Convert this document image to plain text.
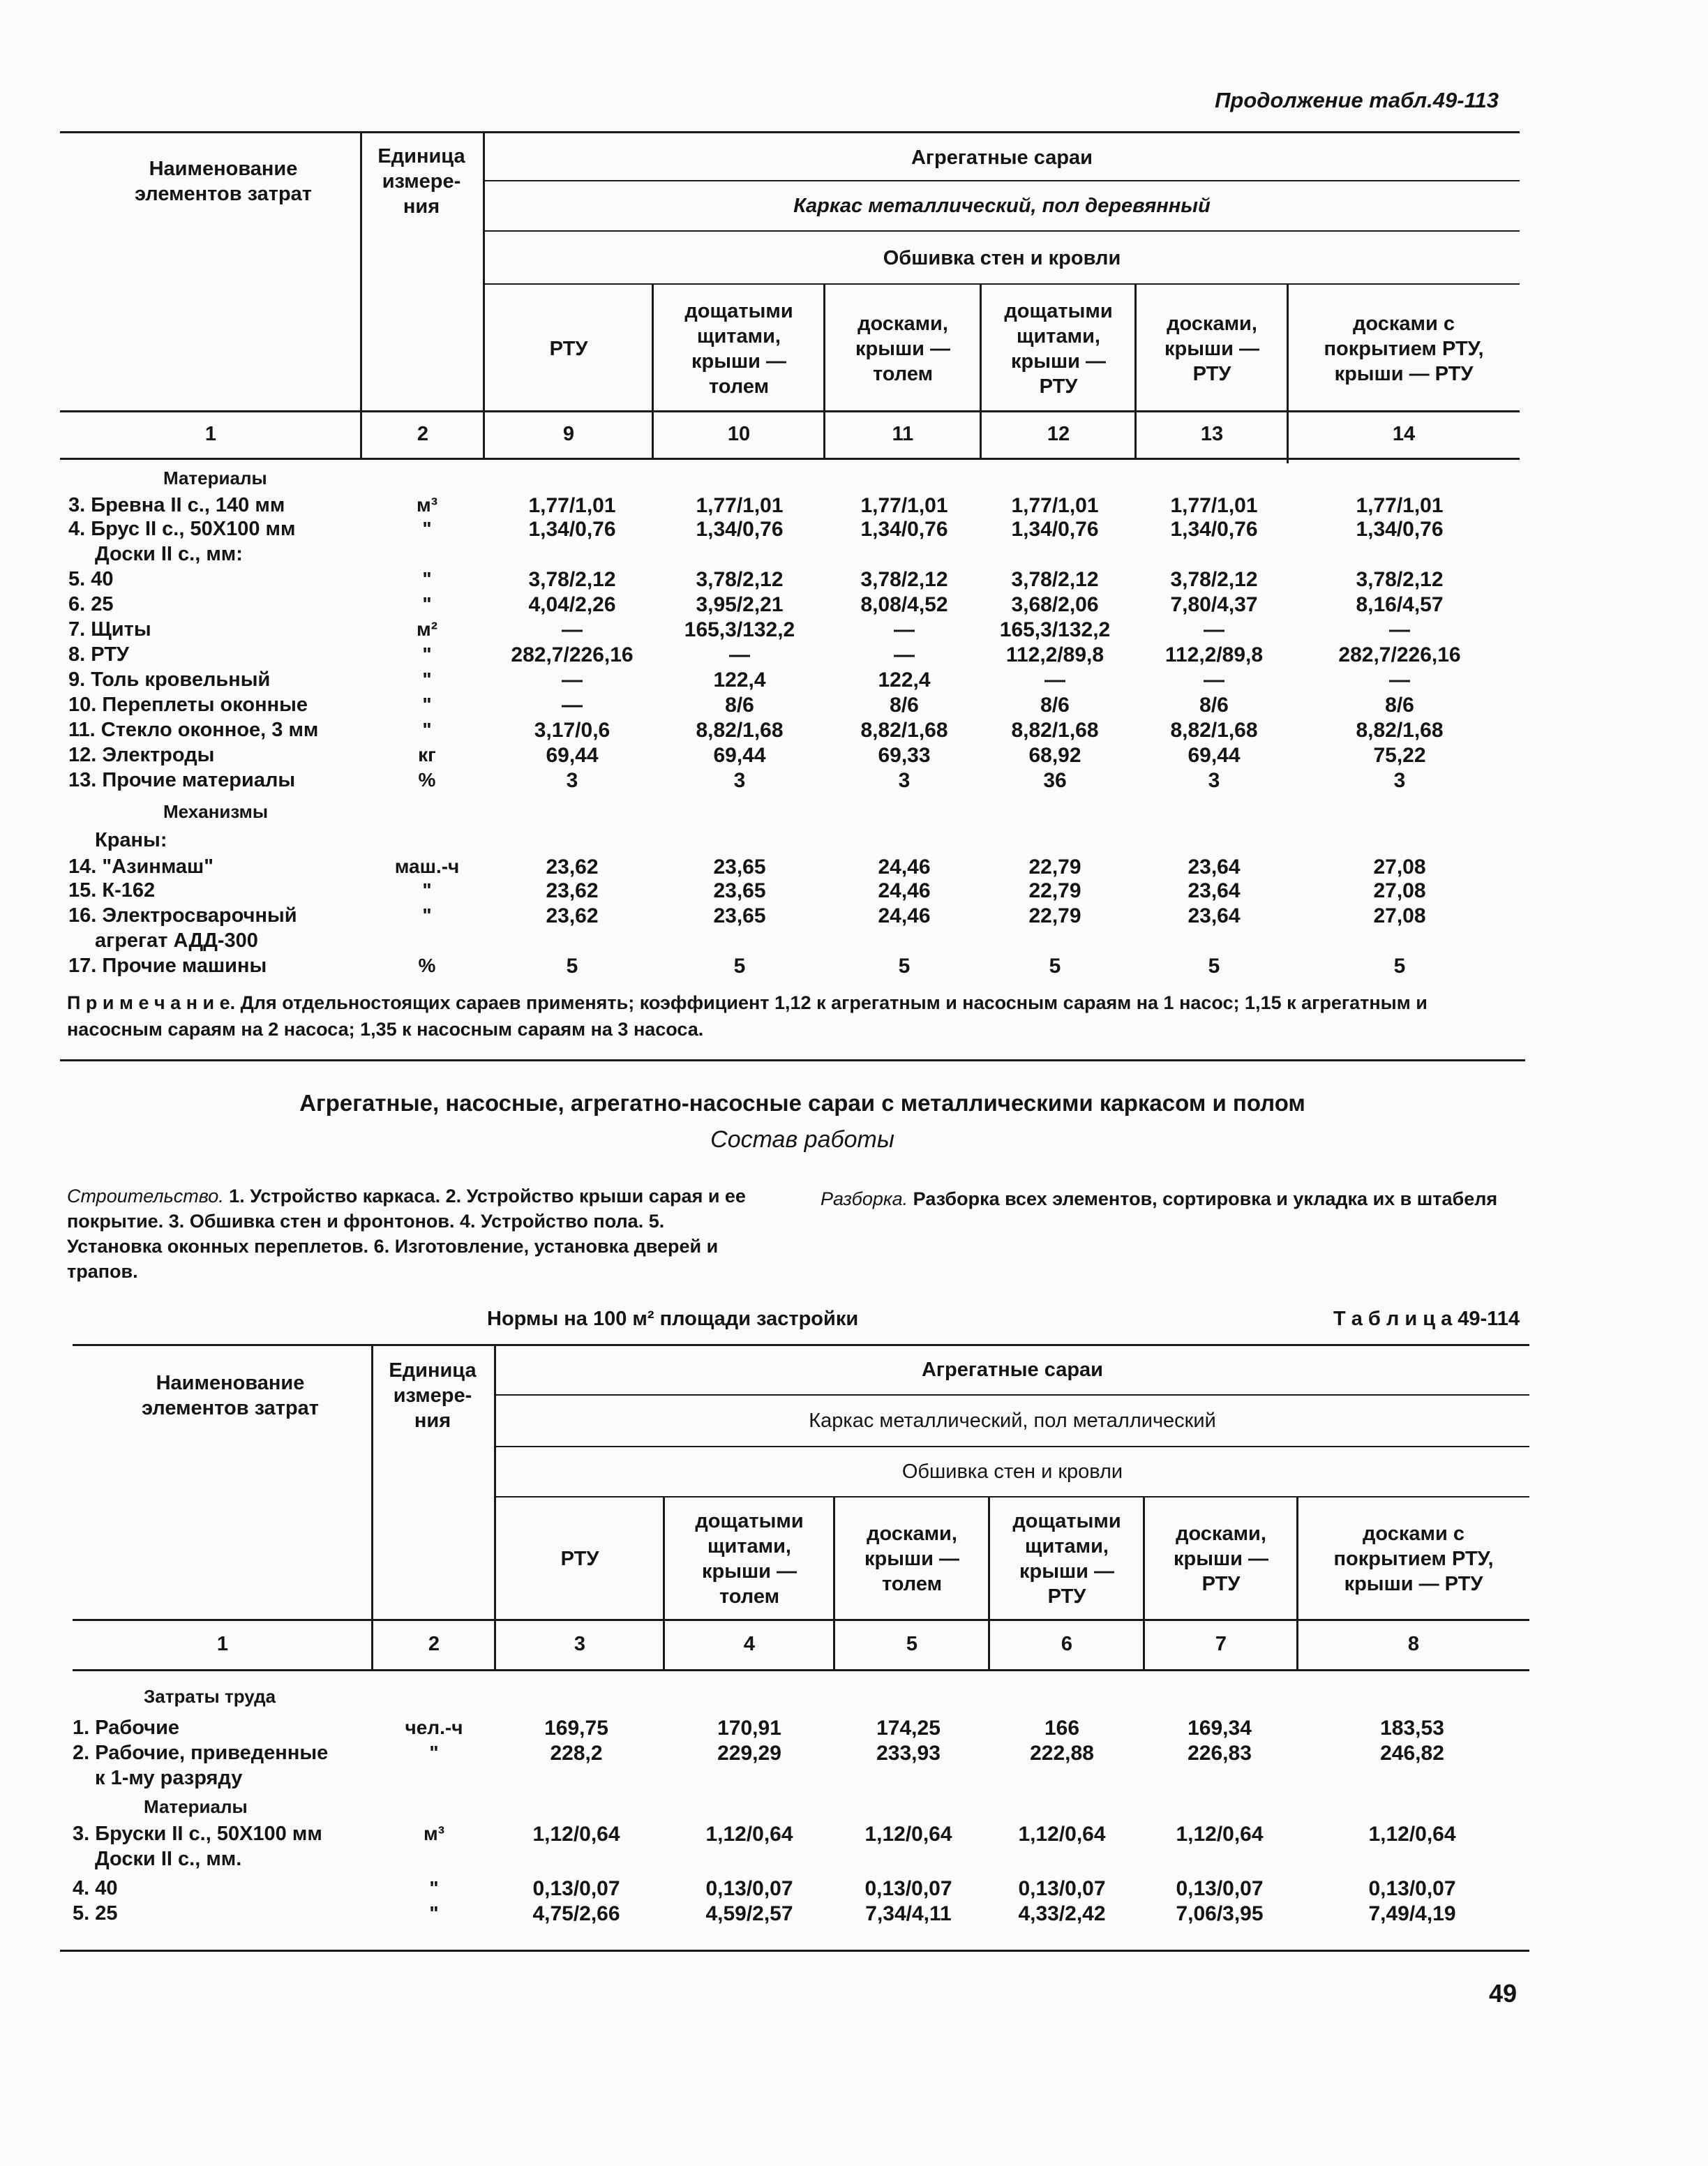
Продолжение табл.49-113
Наименование элементов затрат
Единица измере-ния
Агрегатные сараи
Каркас металлический, пол деревянный
Обшивка стен и кровли
РТУ
дощатыми щитами, крыши — толем
досками, крыши — толем
дощатыми щитами, крыши — РТУ
досками, крыши — РТУ
досками с покрытием РТУ, крыши — РТУ
1	2	9	10	11	12	13	14
Материалы
3. Бревна II с., 140 мм	м³	1,77/1,01	1,77/1,01	1,77/1,01	1,77/1,01	1,77/1,01	1,77/1,01
4. Брус II с., 50Х100 мм	"	1,34/0,76	1,34/0,76	1,34/0,76	1,34/0,76	1,34/0,76	1,34/0,76
Доски II с., мм:
5. 40	"	3,78/2,12	3,78/2,12	3,78/2,12	3,78/2,12	3,78/2,12	3,78/2,12
6. 25	"	4,04/2,26	3,95/2,21	8,08/4,52	3,68/2,06	7,80/4,37	8,16/4,57
7. Щиты	м²	—	165,3/132,2	—	165,3/132,2	—	—
8. РТУ	"	282,7/226,16	—	—	112,2/89,8	112,2/89,8	282,7/226,16
9. Толь кровельный	"	—	122,4	122,4	—	—	—
10. Переплеты оконные	"	—	8/6	8/6	8/6	8/6	8/6
11. Стекло оконное, 3 мм	"	3,17/0,6	8,82/1,68	8,82/1,68	8,82/1,68	8,82/1,68	8,82/1,68
12. Электроды	кг	69,44	69,44	69,33	68,92	69,44	75,22
13. Прочие материалы	%	3	3	3	36	3	3
Механизмы
Краны:
14. "Азинмаш"	маш.-ч	23,62	23,65	24,46	22,79	23,64	27,08
15. К-162	"	23,62	23,65	24,46	22,79	23,64	27,08
16. Электросварочный	"	23,62	23,65	24,46	22,79	23,64	27,08
агрегат АДД-300
17. Прочие машины	%	5	5	5	5	5	5
П р и м е ч а н и е. Для отдельностоящих сараев применять; коэффициент 1,12 к агрегатным и насосным сараям на 1 насос; 1,15 к агрегатным и насосным сараям на 2 насоса; 1,35 к насосным сараям на 3 насоса.
Агрегатные, насосные, агрегатно-насосные сараи с металлическими каркасом и полом
Состав работы
Строительство. 1. Устройство каркаса. 2. Устройство крыши сарая и ее покрытие. 3. Обшивка стен и фронтонов. 4. Устройство пола. 5. Установка оконных переплетов. 6. Изготовление, установка дверей и трапов.
Разборка. Разборка всех элементов, сортировка и укладка их в штабеля
Нормы на 100 м² площади застройки	Т а б л и ц а 49-114
Наименование элементов затрат
Единица измере-ния
Агрегатные сараи
Каркас металлический, пол металлический
Обшивка стен и кровли
РТУ
дощатыми щитами, крыши — толем
досками, крыши — толем
дощатыми щитами, крыши — РТУ
досками, крыши — РТУ
досками с покрытием РТУ, крыши — РТУ
1	2	3	4	5	6	7	8
Затраты труда
1. Рабочие	чел.-ч	169,75	170,91	174,25	166	169,34	183,53
2. Рабочие, приведенные	"	228,2	229,29	233,93	222,88	226,83	246,82
к 1-му разряду
Материалы
3. Бруски II с., 50Х100 мм	м³	1,12/0,64	1,12/0,64	1,12/0,64	1,12/0,64	1,12/0,64	1,12/0,64
Доски II с., мм.
4. 40	"	0,13/0,07	0,13/0,07	0,13/0,07	0,13/0,07	0,13/0,07	0,13/0,07
5. 25	"	4,75/2,66	4,59/2,57	7,34/4,11	4,33/2,42	7,06/3,95	7,49/4,19
49
